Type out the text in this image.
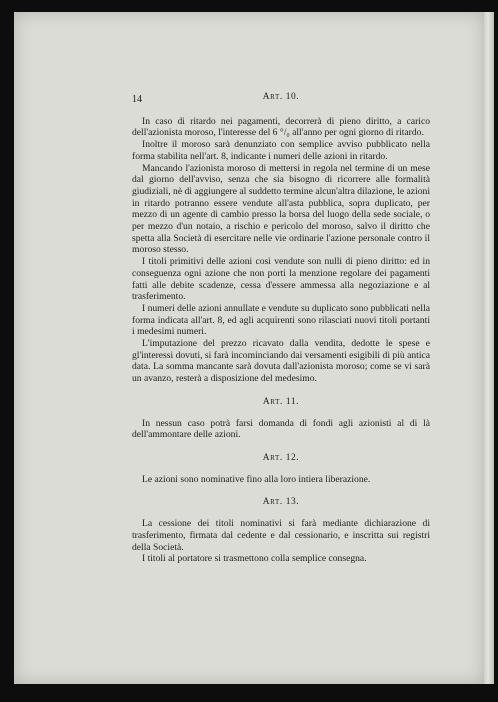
14	Art. 10.

In caso di ritardo nei pagamenti, decorrerà di pieno diritto, a carico dell'azionista moroso, l'interesse del 6 °/₀ all'anno per ogni giorno di ritardo.

Inoltre il moroso sarà denunziato con semplice avviso pubblicato nella forma stabilita nell'art. 8, indicante i numeri delle azioni in ritardo.

Mancando l'azionista moroso di mettersi in regola nel termine di un mese dal giorno dell'avviso, senza che sia bisogno di ricorrere alle formalità giudiziali, nè di aggiungere al suddetto termine alcun'altra dilazione, le azioni in ritardo potranno essere vendute all'asta pubblica, sopra duplicato, per mezzo di un agente di cambio presso la borsa del luogo della sede sociale, o per mezzo d'un notaio, a rischio e pericolo del moroso, salvo il diritto che spetta alla Società di esercitare nelle vie ordinarie l'azione personale contro il moroso stesso.

I titoli primitivi delle azioni così vendute son nulli di pieno diritto: ed in conseguenza ogni azione che non porti la menzione regolare dei pagamenti fatti alle debite scadenze, cessa d'essere ammessa alla negoziazione e al trasferimento.

I numeri delle azioni annullate e vendute su duplicato sono pubblicati nella forma indicata all'art. 8, ed agli acquirenti sono rilasciati nuovi titoli portanti i medesimi numeri.

L'imputazione del prezzo ricavato dalla vendita, dedotte le spese e gl'interessi dovuti, si farà incominciando dai versamenti esigibili di più antica data. La somma mancante sarà dovuta dall'azionista moroso; come se vi sarà un avanzo, resterà a disposizione del medesimo.

Art. 11.

In nessun caso potrà farsi domanda di fondi agli azionisti al di là dell'ammontare delle azioni.

Art. 12.

Le azioni sono nominative fino alla loro intiera liberazione.

Art. 13.

La cessione dei titoli nominativi si farà mediante dichiarazione di trasferimento, firmata dal cedente e dal cessionario, e inscritta sui registri della Società.

I titoli al portatore si trasmettono colla semplice consegna.
